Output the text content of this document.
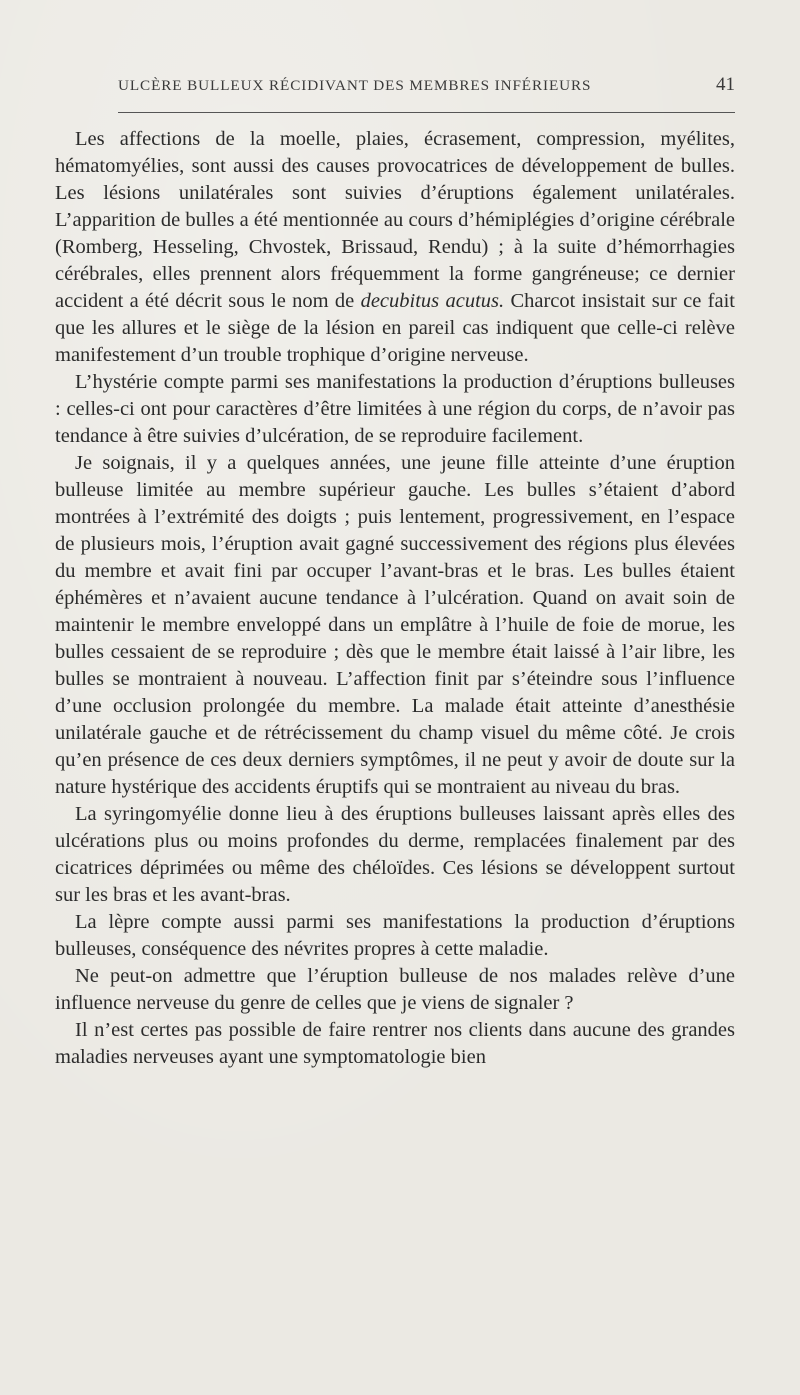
ULCÈRE BULLEUX RÉCIDIVANT DES MEMBRES INFÉRIEURS	41

Les affections de la moelle, plaies, écrasement, compression, myélites, hématomyélies, sont aussi des causes provocatrices de développement de bulles. Les lésions unilatérales sont suivies d’éruptions également unilatérales. L’apparition de bulles a été mentionnée au cours d’hémiplégies d’origine cérébrale (Romberg, Hesseling, Chvostek, Brissaud, Rendu) ; à la suite d’hémorrhagies cérébrales, elles prennent alors fréquemment la forme gangréneuse; ce dernier accident a été décrit sous le nom de decubitus acutus. Charcot insistait sur ce fait que les allures et le siège de la lésion en pareil cas indiquent que celle-ci relève manifestement d’un trouble trophique d’origine nerveuse.

L’hystérie compte parmi ses manifestations la production d’éruptions bulleuses : celles-ci ont pour caractères d’être limitées à une région du corps, de n’avoir pas tendance à être suivies d’ulcération, de se reproduire facilement.

Je soignais, il y a quelques années, une jeune fille atteinte d’une éruption bulleuse limitée au membre supérieur gauche. Les bulles s’étaient d’abord montrées à l’extrémité des doigts ; puis lentement, progressivement, en l’espace de plusieurs mois, l’éruption avait gagné successivement des régions plus élevées du membre et avait fini par occuper l’avant-bras et le bras. Les bulles étaient éphémères et n’avaient aucune tendance à l’ulcération. Quand on avait soin de maintenir le membre enveloppé dans un emplâtre à l’huile de foie de morue, les bulles cessaient de se reproduire ; dès que le membre était laissé à l’air libre, les bulles se montraient à nouveau. L’affection finit par s’éteindre sous l’influence d’une occlusion prolongée du membre. La malade était atteinte d’anesthésie unilatérale gauche et de rétrécissement du champ visuel du même côté. Je crois qu’en présence de ces deux derniers symptômes, il ne peut y avoir de doute sur la nature hystérique des accidents éruptifs qui se montraient au niveau du bras.

La syringomyélie donne lieu à des éruptions bulleuses laissant après elles des ulcérations plus ou moins profondes du derme, remplacées finalement par des cicatrices déprimées ou même des chéloïdes. Ces lésions se développent surtout sur les bras et les avant-bras.

La lèpre compte aussi parmi ses manifestations la production d’éruptions bulleuses, conséquence des névrites propres à cette maladie.

Ne peut-on admettre que l’éruption bulleuse de nos malades relève d’une influence nerveuse du genre de celles que je viens de signaler ?

Il n’est certes pas possible de faire rentrer nos clients dans aucune des grandes maladies nerveuses ayant une symptomatologie bien
